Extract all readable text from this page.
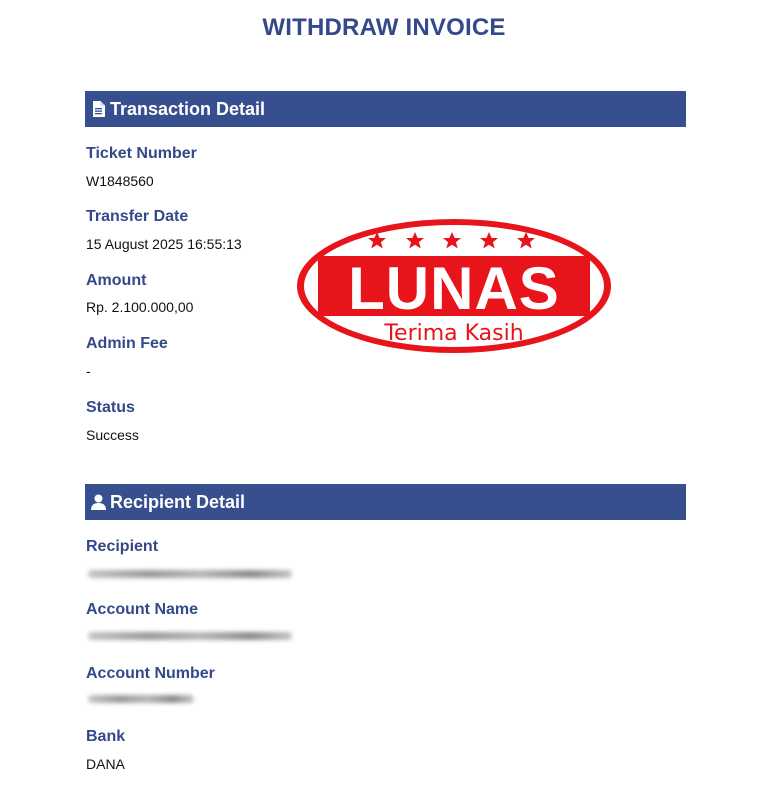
WITHDRAW INVOICE
Transaction Detail
Ticket Number
W1848560
Transfer Date
15 August 2025 16:55:13
Amount
Rp. 2.100.000,00
Admin Fee
-
Status
Success
LUNAS
Terima Kasih
Recipient Detail
Recipient
Account Name
Account Number
Bank
DANA
